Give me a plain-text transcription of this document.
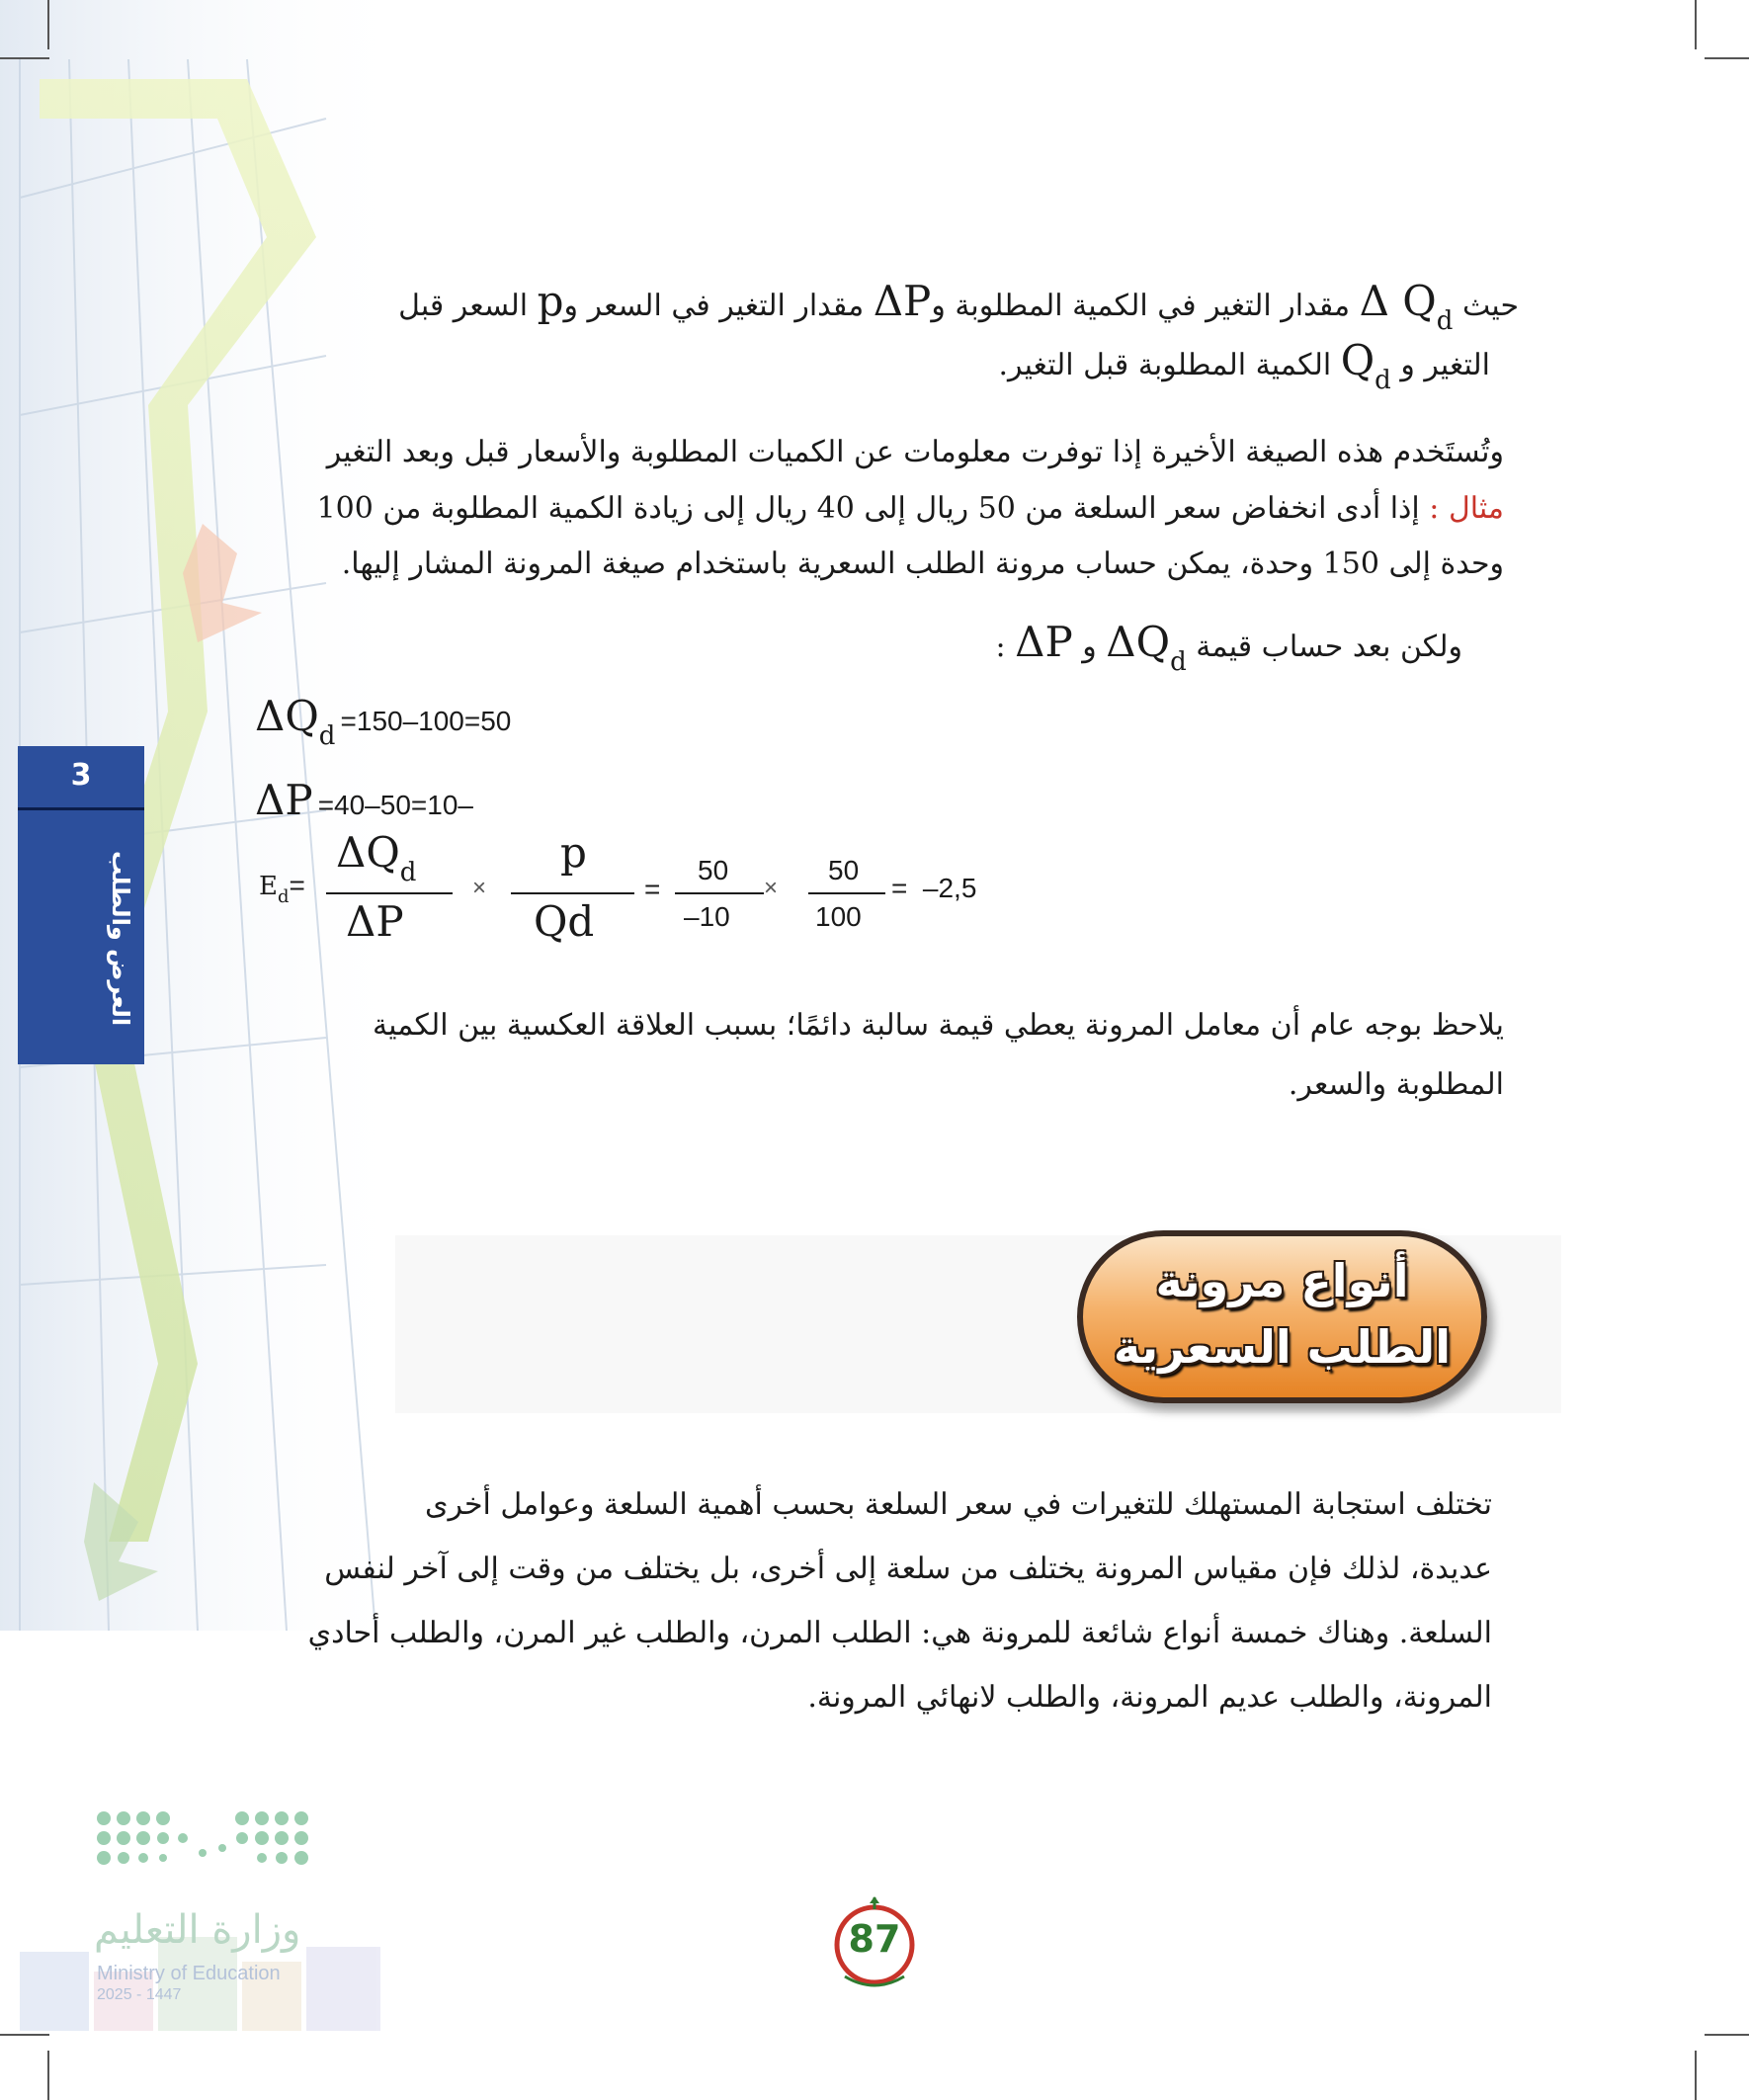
3
العرض والطلب
حيث Δ Qd مقدار التغير في الكمية المطلوبة وΔP مقدار التغير في السعر وp السعر قبل
التغير و Qd الكمية المطلوبة قبل التغير.
وتُستَخدم هذه الصيغة الأخيرة إذا توفرت معلومات عن الكميات المطلوبة والأسعار قبل وبعد التغير
مثال : إذا أدى انخفاض سعر السلعة من 50 ريال إلى 40 ريال إلى زيادة الكمية المطلوبة من 100
وحدة إلى 150 وحدة، يمكن حساب مرونة الطلب السعرية باستخدام صيغة المرونة المشار إليها.
ولكن بعد حساب قيمة ΔQd و ΔP :
ΔQd =150–100=50
ΔP =40–50=10–
$E_d=$
ΔQd
ΔP
×
p
Qd
=
50
–10
×
50
100
=  –2,5
يلاحظ بوجه عام أن معامل المرونة يعطي قيمة سالبة دائمًا؛ بسبب العلاقة العكسية بين الكمية
المطلوبة والسعر.
أنواع مرونة
الطلب السعرية
تختلف استجابة المستهلك للتغيرات في سعر السلعة بحسب أهمية السلعة وعوامل أخرى
عديدة، لذلك فإن مقياس المرونة يختلف من سلعة إلى أخرى، بل يختلف من وقت إلى آخر لنفس
السلعة. وهناك خمسة أنواع شائعة للمرونة هي: الطلب المرن، والطلب غير المرن، والطلب أحادي
المرونة، والطلب عديم المرونة، والطلب لانهائي المرونة.
87
وزارة التعليم
Ministry of Education
2025 - 1447
